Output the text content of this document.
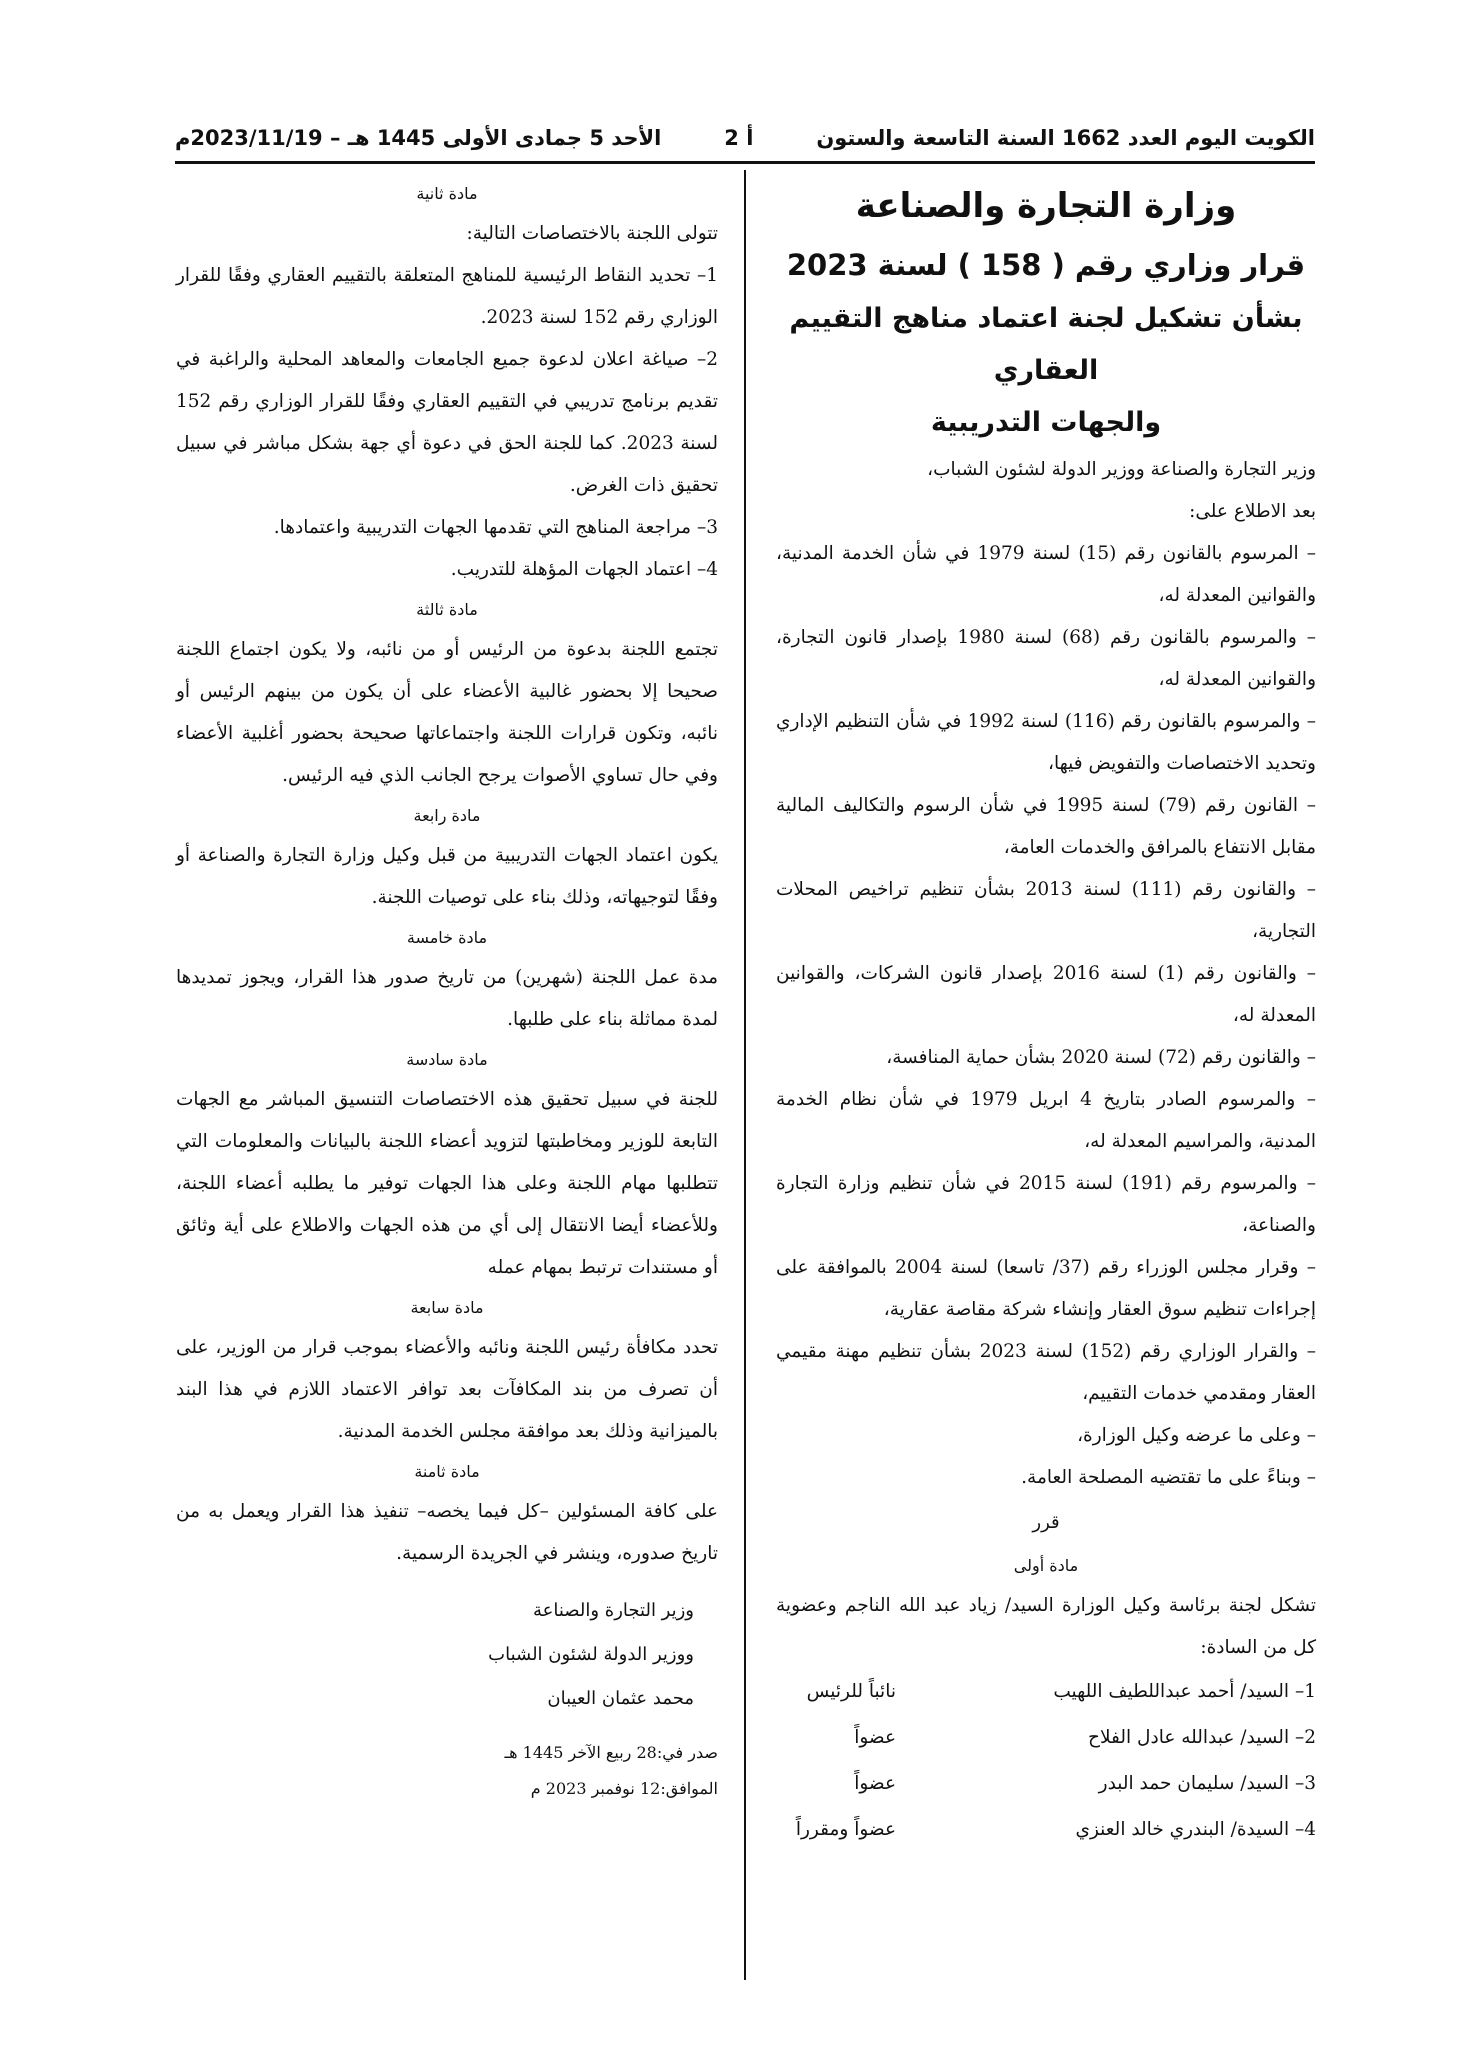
الكويت اليوم العدد 1662 السنة التاسعة والستون
أ 2
الأحد 5 جمادى الأولى 1445 هـ – 2023/11/19م

وزارة التجارة والصناعة

قرار وزاري رقم ( 158 ) لسنة 2023

بشأن تشكيل لجنة اعتماد مناهج التقييم العقاري

والجهات التدريبية

وزير التجارة والصناعة ووزير الدولة لشئون الشباب،

بعد الاطلاع على:

– المرسوم بالقانون رقم (15) لسنة 1979 في شأن الخدمة المدنية، والقوانين المعدلة له،

– والمرسوم بالقانون رقم (68) لسنة 1980 بإصدار قانون التجارة، والقوانين المعدلة له،

– والمرسوم بالقانون رقم (116) لسنة 1992 في شأن التنظيم الإداري وتحديد الاختصاصات والتفويض فيها،

– القانون رقم (79) لسنة 1995 في شأن الرسوم والتكاليف المالية مقابل الانتفاع بالمرافق والخدمات العامة،

– والقانون رقم (111) لسنة 2013 بشأن تنظيم تراخيص المحلات التجارية،

– والقانون رقم (1) لسنة 2016 بإصدار قانون الشركات، والقوانين المعدلة له،

– والقانون رقم (72) لسنة 2020 بشأن حماية المنافسة،

– والمرسوم الصادر بتاريخ 4 ابريل 1979 في شأن نظام الخدمة المدنية، والمراسيم المعدلة له،

– والمرسوم رقم (191) لسنة 2015 في شأن تنظيم وزارة التجارة والصناعة،

– وقرار مجلس الوزراء رقم (37/ تاسعا) لسنة 2004 بالموافقة على إجراءات تنظيم سوق العقار وإنشاء شركة مقاصة عقارية،

– والقرار الوزاري رقم (152) لسنة 2023 بشأن تنظيم مهنة مقيمي العقار ومقدمي خدمات التقييم،

– وعلى ما عرضه وكيل الوزارة،

– وبناءً على ما تقتضيه المصلحة العامة.

قرر

مادة أولى

تشكل لجنة برئاسة وكيل الوزارة السيد/ زياد عبد الله الناجم وعضوية كل من السادة:

1– السيد/ أحمد عبداللطيف اللهيب
نائباً للرئيس
2– السيد/ عبدالله عادل الفلاح
عضواً
3– السيد/ سليمان حمد البدر
عضواً
4– السيدة/ البندري خالد العنزي
عضواً ومقرراً

مادة ثانية

تتولى اللجنة بالاختصاصات التالية:

1– تحديد النقاط الرئيسية للمناهج المتعلقة بالتقييم العقاري وفقًا للقرار الوزاري رقم 152 لسنة 2023.

2– صياغة اعلان لدعوة جميع الجامعات والمعاهد المحلية والراغبة في تقديم برنامج تدريبي في التقييم العقاري وفقًا للقرار الوزاري رقم 152 لسنة 2023. كما للجنة الحق في دعوة أي جهة بشكل مباشر في سبيل تحقيق ذات الغرض.

3– مراجعة المناهج التي تقدمها الجهات التدريبية واعتمادها.

4– اعتماد الجهات المؤهلة للتدريب.

مادة ثالثة

تجتمع اللجنة بدعوة من الرئيس أو من نائبه، ولا يكون اجتماع اللجنة صحيحا إلا بحضور غالبية الأعضاء على أن يكون من بينهم الرئيس أو نائبه، وتكون قرارات اللجنة واجتماعاتها صحيحة بحضور أغلبية الأعضاء وفي حال تساوي الأصوات يرجح الجانب الذي فيه الرئيس.

مادة رابعة

يكون اعتماد الجهات التدريبية من قبل وكيل وزارة التجارة والصناعة أو وفقًا لتوجيهاته، وذلك بناء على توصيات اللجنة.

مادة خامسة

مدة عمل اللجنة (شهرين) من تاريخ صدور هذا القرار، ويجوز تمديدها لمدة مماثلة بناء على طلبها.

مادة سادسة

للجنة في سبيل تحقيق هذه الاختصاصات التنسيق المباشر مع الجهات التابعة للوزير ومخاطبتها لتزويد أعضاء اللجنة بالبيانات والمعلومات التي تتطلبها مهام اللجنة وعلى هذا الجهات توفير ما يطلبه أعضاء اللجنة، وللأعضاء أيضا الانتقال إلى أي من هذه الجهات والاطلاع على أية وثائق أو مستندات ترتبط بمهام عمله

مادة سابعة

تحدد مكافأة رئيس اللجنة ونائبه والأعضاء بموجب قرار من الوزير، على أن تصرف من بند المكافآت بعد توافر الاعتماد اللازم في هذا البند بالميزانية وذلك بعد موافقة مجلس الخدمة المدنية.

مادة ثامنة

على كافة المسئولين –كل فيما يخصه– تنفيذ هذا القرار ويعمل به من تاريخ صدوره، وينشر في الجريدة الرسمية.

وزير التجارة والصناعة

ووزير الدولة لشئون الشباب

محمد عثمان العيبان

صدر في:28 ربيع الآخر 1445 هـ

الموافق:12 نوفمبر 2023 م
